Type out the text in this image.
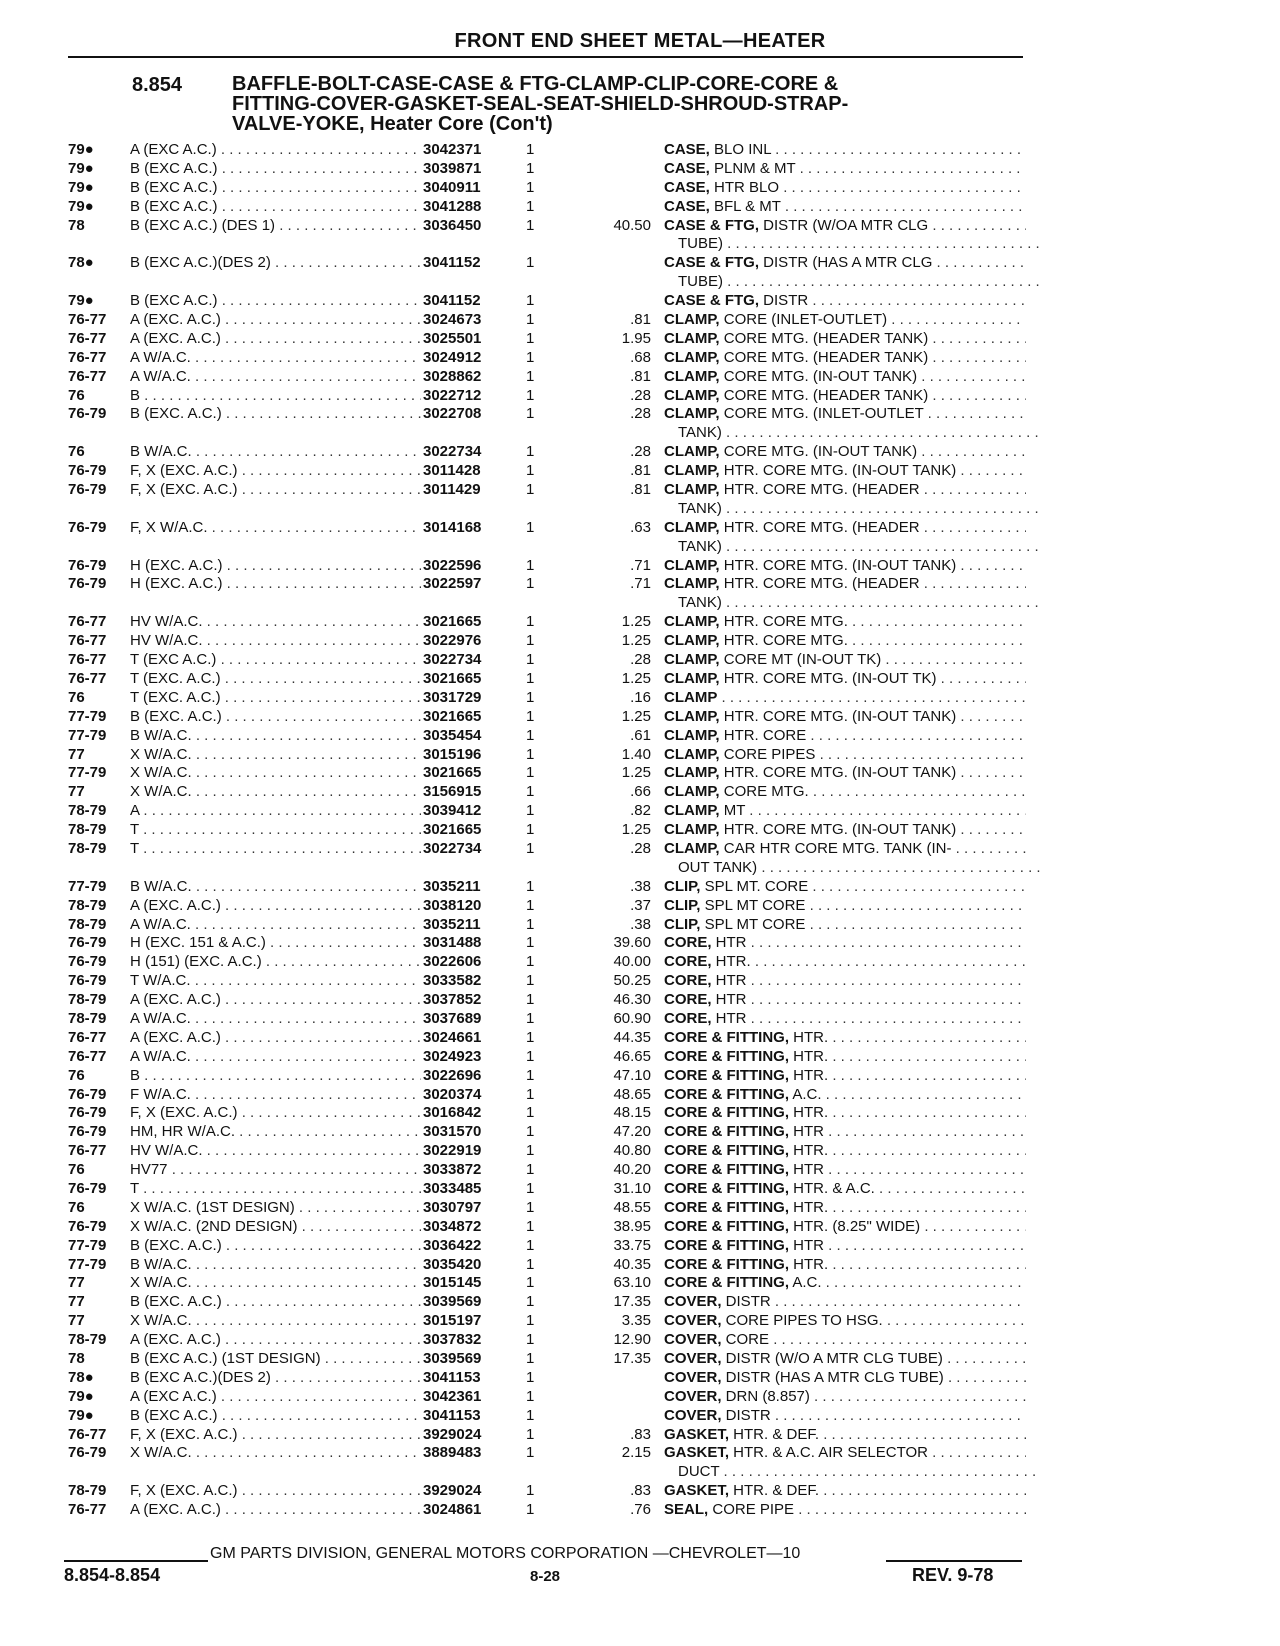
FRONT END SHEET METAL—HEATER
8.854 BAFFLE-BOLT-CASE-CASE & FTG-CLAMP-CLIP-CORE-CORE &
FITTING-COVER-GASKET-SEAL-SEAT-SHIELD-SHROUD-STRAP-
VALVE-YOKE, Heater Core (Con't)
79●	A (EXC A.C.) . . .	3042371	1	CASE, BLO INL . . .
79●	B (EXC A.C.) . . .	3039871	1	CASE, PLNM & MT . . .
79●	B (EXC A.C.) . . .	3040911	1	CASE, HTR BLO . . .
79●	B (EXC A.C.) . . .	3041288	1	CASE, BFL & MT . . .
78	B (EXC A.C.) (DES 1) . . .	3036450	1	40.50 CASE & FTG, DISTR (W/OA MTR CLG . . .
TUBE) . . .
78●	B (EXC A.C.)(DES 2) . . .	3041152	1	CASE & FTG, DISTR (HAS A MTR CLG . . .
TUBE) . . .
79●	B (EXC A.C.) . . .	3041152	1	CASE & FTG, DISTR . . .
76-77	A (EXC. A.C.) . . .	3024673	1	.81 CLAMP, CORE (INLET-OUTLET) . . .
76-77	A (EXC. A.C.) . . .	3025501	1	1.95 CLAMP, CORE MTG. (HEADER TANK) . . .
76-77	A W/A.C. . . .	3024912	1	.68 CLAMP, CORE MTG. (HEADER TANK) . . .
76-77	A W/A.C. . . .	3028862	1	.81 CLAMP, CORE MTG. (IN-OUT TANK) . . .
76	B . . .	3022712	1	.28 CLAMP, CORE MTG. (HEADER TANK) . . .
76-79	B (EXC. A.C.) . . .	3022708	1	.28 CLAMP, CORE MTG. (INLET-OUTLET . . .
TANK) . . .
76	B W/A.C. . . .	3022734	1	.28 CLAMP, CORE MTG. (IN-OUT TANK) . . .
76-79	F, X (EXC. A.C.) . . .	3011428	1	.81 CLAMP, HTR. CORE MTG. (IN-OUT TANK) . . .
76-79	F, X (EXC. A.C.) . . .	3011429	1	.81 CLAMP, HTR. CORE MTG. (HEADER . . .
TANK) . . .
76-79	F, X W/A.C. . . .	3014168	1	.63 CLAMP, HTR. CORE MTG. (HEADER . . .
TANK) . . .
76-79	H (EXC. A.C.) . . .	3022596	1	.71 CLAMP, HTR. CORE MTG. (IN-OUT TANK) . . .
76-79	H (EXC. A.C.) . . .	3022597	1	.71 CLAMP, HTR. CORE MTG. (HEADER . . .
TANK) . . .
76-77	HV W/A.C. . . .	3021665	1	1.25 CLAMP, HTR. CORE MTG. . . .
76-77	HV W/A.C. . . .	3022976	1	1.25 CLAMP, HTR. CORE MTG. . . .
76-77	T (EXC A.C.) . . .	3022734	1	.28 CLAMP, CORE MT (IN-OUT TK) . . .
76-77	T (EXC. A.C.) . . .	3021665	1	1.25 CLAMP, HTR. CORE MTG. (IN-OUT TK) . . .
76	T (EXC. A.C.) . . .	3031729	1	.16 CLAMP . . .
77-79	B (EXC. A.C.) . . .	3021665	1	1.25 CLAMP, HTR. CORE MTG. (IN-OUT TANK) . . .
77-79	B W/A.C. . . .	3035454	1	.61 CLAMP, HTR. CORE . . .
77	X W/A.C. . . .	3015196	1	1.40 CLAMP, CORE PIPES . . .
77-79	X W/A.C. . . .	3021665	1	1.25 CLAMP, HTR. CORE MTG. (IN-OUT TANK) . . .
77	X W/A.C. . . .	3156915	1	.66 CLAMP, CORE MTG. . . .
78-79	A . . .	3039412	1	.82 CLAMP, MT . . .
78-79	T . . .	3021665	1	1.25 CLAMP, HTR. CORE MTG. (IN-OUT TANK) . . .
78-79	T . . .	3022734	1	.28 CLAMP, CAR HTR CORE MTG. TANK (IN- . . .
OUT TANK) . . .
77-79	B W/A.C. . . .	3035211	1	.38 CLIP, SPL MT. CORE . . .
78-79	A (EXC. A.C.) . . .	3038120	1	.37 CLIP, SPL MT CORE . . .
78-79	A W/A.C. . . .	3035211	1	.38 CLIP, SPL MT CORE . . .
76-79	H (EXC. 151 & A.C.) . . .	3031488	1	39.60 CORE, HTR . . .
76-79	H (151) (EXC. A.C.) . . .	3022606	1	40.00 CORE, HTR. . . .
76-79	T W/A.C. . . .	3033582	1	50.25 CORE, HTR . . .
78-79	A (EXC. A.C.) . . .	3037852	1	46.30 CORE, HTR . . .
78-79	A W/A.C. . . .	3037689	1	60.90 CORE, HTR . . .
76-77	A (EXC. A.C.) . . .	3024661	1	44.35 CORE & FITTING, HTR. . . .
76-77	A W/A.C. . . .	3024923	1	46.65 CORE & FITTING, HTR. . . .
76	B . . .	3022696	1	47.10 CORE & FITTING, HTR. . . .
76-79	F W/A.C. . . .	3020374	1	48.65 CORE & FITTING, A.C. . . .
76-79	F, X (EXC. A.C.) . . .	3016842	1	48.15 CORE & FITTING, HTR. . . .
76-79	HM, HR W/A.C. . . .	3031570	1	47.20 CORE & FITTING, HTR . . .
76-77	HV W/A.C. . . .	3022919	1	40.80 CORE & FITTING, HTR. . . .
76	HV77 . . .	3033872	1	40.20 CORE & FITTING, HTR . . .
76-79	T . . .	3033485	1	31.10 CORE & FITTING, HTR. & A.C. . . .
76	X W/A.C. (1ST DESIGN) . . .	3030797	1	48.55 CORE & FITTING, HTR. . . .
76-79	X W/A.C. (2ND DESIGN) . . .	3034872	1	38.95 CORE & FITTING, HTR. (8.25" WIDE) . . .
77-79	B (EXC. A.C.) . . .	3036422	1	33.75 CORE & FITTING, HTR . . .
77-79	B W/A.C. . . .	3035420	1	40.35 CORE & FITTING, HTR. . . .
77	X W/A.C. . . .	3015145	1	63.10 CORE & FITTING, A.C. . . .
77	B (EXC. A.C.) . . .	3039569	1	17.35 COVER, DISTR . . .
77	X W/A.C. . . .	3015197	1	3.35 COVER, CORE PIPES TO HSG. . . .
78-79	A (EXC. A.C.) . . .	3037832	1	12.90 COVER, CORE . . .
78	B (EXC A.C.) (1ST DESIGN) . . .	3039569	1	17.35 COVER, DISTR (W/O A MTR CLG TUBE) . . .
78●	B (EXC A.C.)(DES 2) . . .	3041153	1	COVER, DISTR (HAS A MTR CLG TUBE) . . .
79●	A (EXC A.C.) . . .	3042361	1	COVER, DRN (8.857) . . .
79●	B (EXC A.C.) . . .	3041153	1	COVER, DISTR . . .
76-77	F, X (EXC. A.C.) . . .	3929024	1	.83 GASKET, HTR. & DEF. . . .
76-79	X W/A.C. . . .	3889483	1	2.15 GASKET, HTR. & A.C. AIR SELECTOR . . .
DUCT . . .
78-79	F, X (EXC. A.C.) . . .	3929024	1	.83 GASKET, HTR. & DEF. . . .
76-77	A (EXC. A.C.) . . .	3024861	1	.76 SEAL, CORE PIPE . . .
GM PARTS DIVISION, GENERAL MOTORS CORPORATION —CHEVROLET—10
8.854-8.854	8-28	REV. 9-78
